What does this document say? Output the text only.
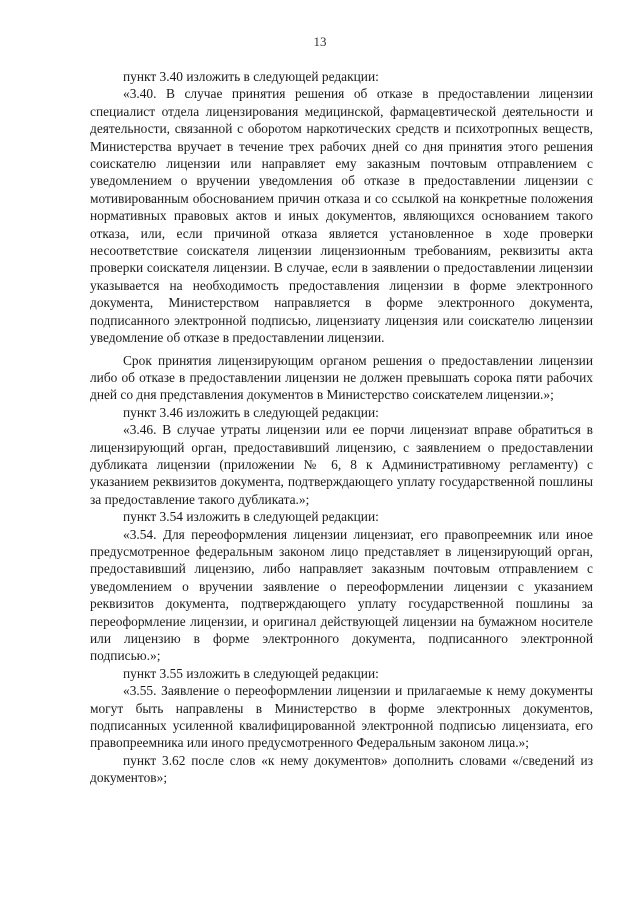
13

пункт 3.40 изложить в следующей редакции:

«3.40. В случае принятия решения об отказе в предоставлении лицензии специалист отдела лицензирования медицинской, фармацевтической деятельности и деятельности, связанной с оборотом наркотических средств и психотропных веществ, Министерства вручает в течение трех рабочих дней со дня принятия этого решения соискателю лицензии или направляет ему заказным почтовым отправлением с уведомлением о вручении уведомления об отказе в предоставлении лицензии с мотивированным обоснованием причин отказа и со ссылкой на конкретные положения нормативных правовых актов и иных документов, являющихся основанием такого отказа, или, если причиной отказа является установленное в ходе проверки несоответствие соискателя лицензии лицензионным требованиям, реквизиты акта проверки соискателя лицензии. В случае, если в заявлении о предоставлении лицензии указывается на необходимость предоставления лицензии в форме электронного документа, Министерством направляется в форме электронного документа, подписанного электронной подписью, лицензиату лицензия или соискателю лицензии уведомление об отказе в предоставлении лицензии.

Срок принятия лицензирующим органом решения о предоставлении лицензии либо об отказе в предоставлении лицензии не должен превышать сорока пяти рабочих дней со дня представления документов в Министерство соискателем лицензии.»;

пункт 3.46 изложить в следующей редакции:

«3.46. В случае утраты лицензии или ее порчи лицензиат вправе обратиться в лицензирующий орган, предоставивший лицензию, с заявлением о предоставлении дубликата лицензии (приложении № 6, 8 к Административному регламенту) с указанием реквизитов документа, подтверждающего уплату государственной пошлины за предоставление такого дубликата.»;

пункт 3.54 изложить в следующей редакции:

«3.54. Для переоформления лицензии лицензиат, его правопреемник или иное предусмотренное федеральным законом лицо представляет в лицензирующий орган, предоставивший лицензию, либо направляет заказным почтовым отправлением с уведомлением о вручении заявление о переоформлении лицензии с указанием реквизитов документа, подтверждающего уплату государственной пошлины за переоформление лицензии, и оригинал действующей лицензии на бумажном носителе или лицензию в форме электронного документа, подписанного электронной подписью.»;

пункт 3.55 изложить в следующей редакции:

«3.55. Заявление о переоформлении лицензии и прилагаемые к нему документы могут быть направлены в Министерство в форме электронных документов, подписанных усиленной квалифицированной электронной подписью лицензиата, его правопреемника или иного предусмотренного Федеральным законом лица.»;

пункт 3.62 после слов «к нему документов» дополнить словами «/сведений из документов»;
